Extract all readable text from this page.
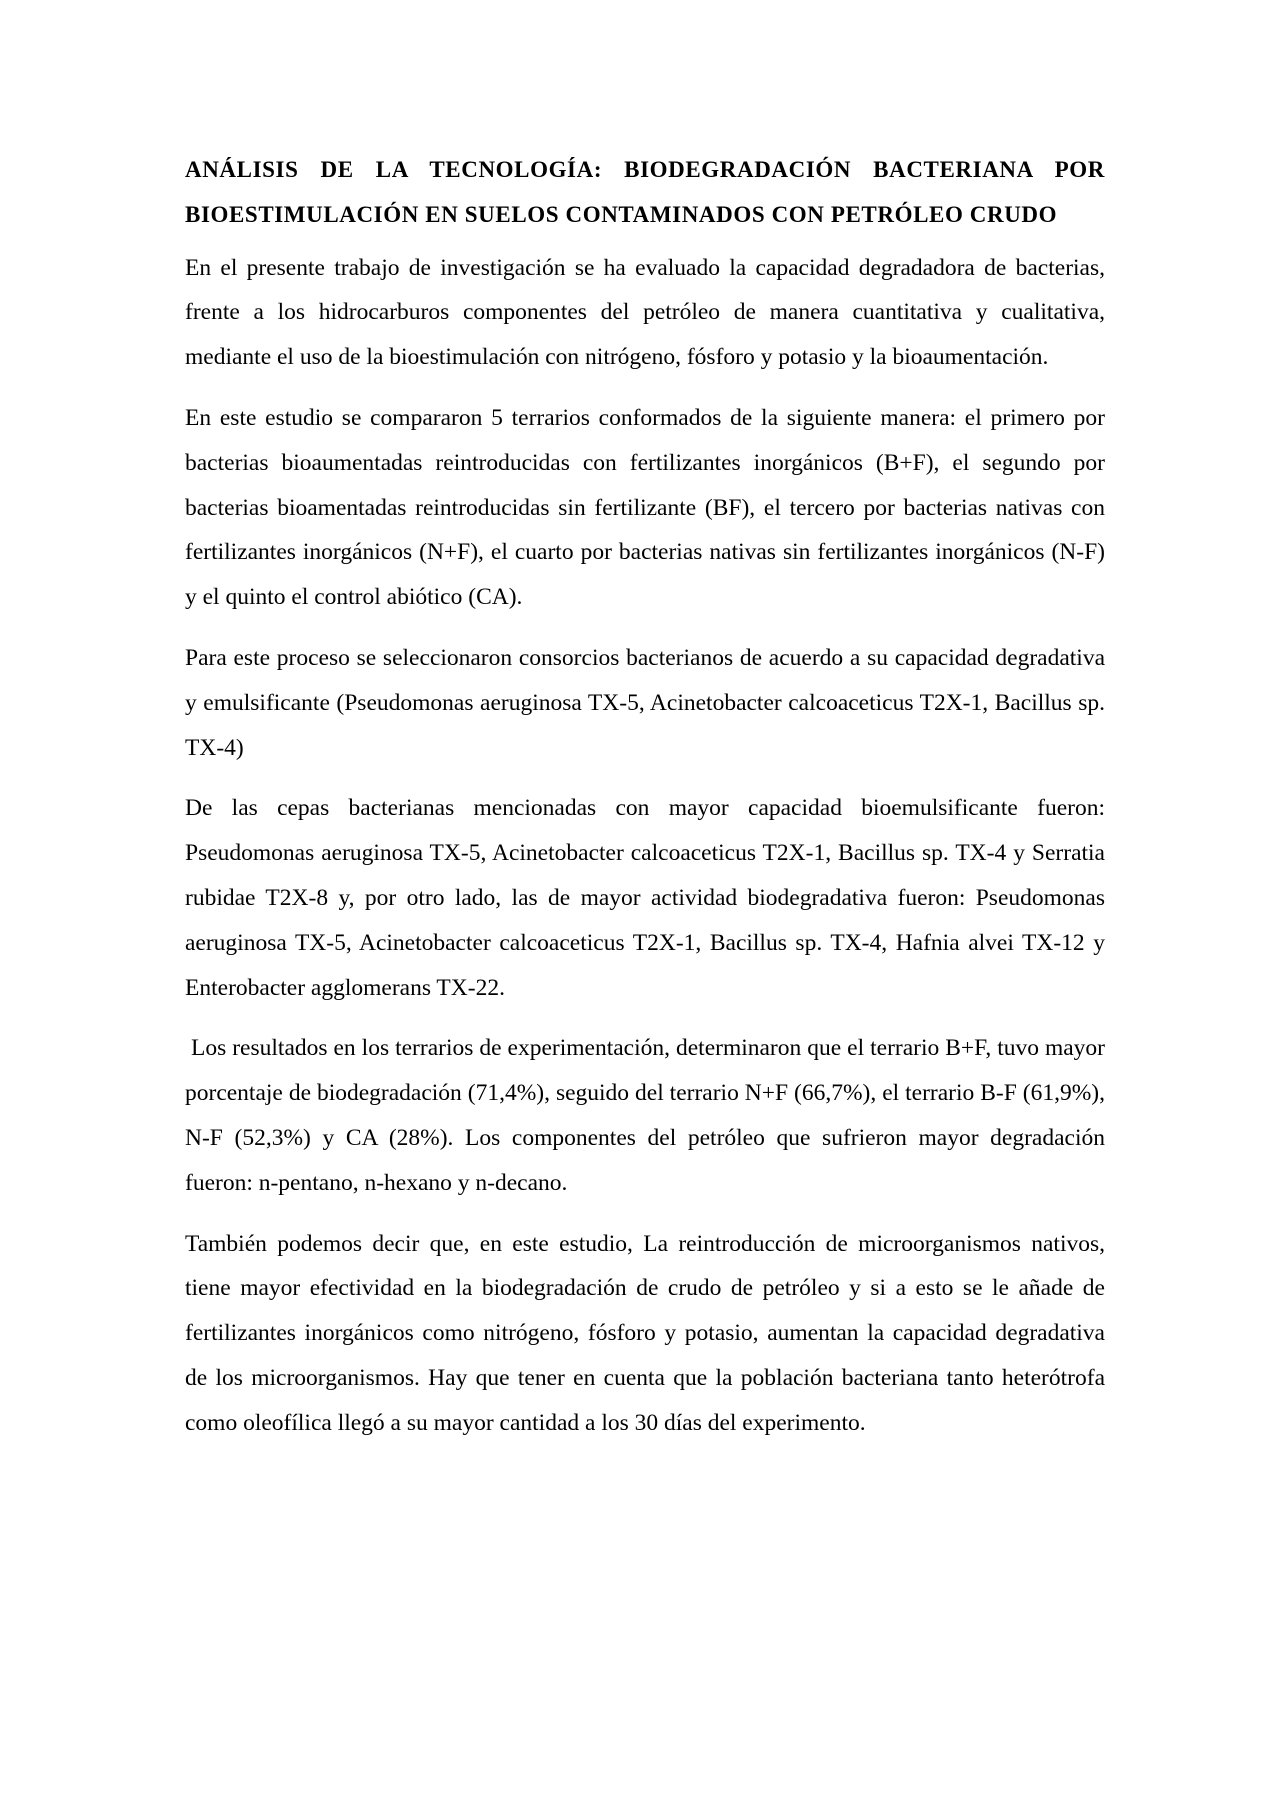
ANÁLISIS DE LA TECNOLOGÍA: BIODEGRADACIÓN BACTERIANA POR BIOESTIMULACIÓN EN SUELOS CONTAMINADOS CON PETRÓLEO CRUDO

En el presente trabajo de investigación se ha evaluado la capacidad degradadora de bacterias, frente a los hidrocarburos componentes del petróleo de manera cuantitativa y cualitativa, mediante el uso de la bioestimulación con nitrógeno, fósforo y potasio y la bioaumentación.

En este estudio se compararon 5 terrarios conformados de la siguiente manera: el primero por bacterias bioaumentadas reintroducidas con fertilizantes inorgánicos (B+F), el segundo por bacterias bioamentadas reintroducidas sin fertilizante (BF), el tercero por bacterias nativas con fertilizantes inorgánicos (N+F), el cuarto por bacterias nativas sin fertilizantes inorgánicos (N-F) y el quinto el control abiótico (CA).

Para este proceso se seleccionaron consorcios bacterianos de acuerdo a su capacidad degradativa y emulsificante (Pseudomonas aeruginosa TX-5, Acinetobacter calcoaceticus T2X-1, Bacillus sp. TX-4)

De las cepas bacterianas mencionadas con mayor capacidad bioemulsificante fueron: Pseudomonas aeruginosa TX-5, Acinetobacter calcoaceticus T2X-1, Bacillus sp. TX-4 y Serratia rubidae T2X-8 y, por otro lado, las de mayor actividad biodegradativa fueron: Pseudomonas aeruginosa TX-5, Acinetobacter calcoaceticus T2X-1, Bacillus sp. TX-4, Hafnia alvei TX-12 y Enterobacter agglomerans TX-22.

Los resultados en los terrarios de experimentación, determinaron que el terrario B+F, tuvo mayor porcentaje de biodegradación (71,4%), seguido del terrario N+F (66,7%), el terrario B-F (61,9%), N-F (52,3%) y CA (28%). Los componentes del petróleo que sufrieron mayor degradación fueron: n-pentano, n-hexano y n-decano.

También podemos decir que, en este estudio, La reintroducción de microorganismos nativos, tiene mayor efectividad en la biodegradación de crudo de petróleo y si a esto se le añade de fertilizantes inorgánicos como nitrógeno, fósforo y potasio, aumentan la capacidad degradativa de los microorganismos. Hay que tener en cuenta que la población bacteriana tanto heterótrofa como oleofílica llegó a su mayor cantidad a los 30 días del experimento.
